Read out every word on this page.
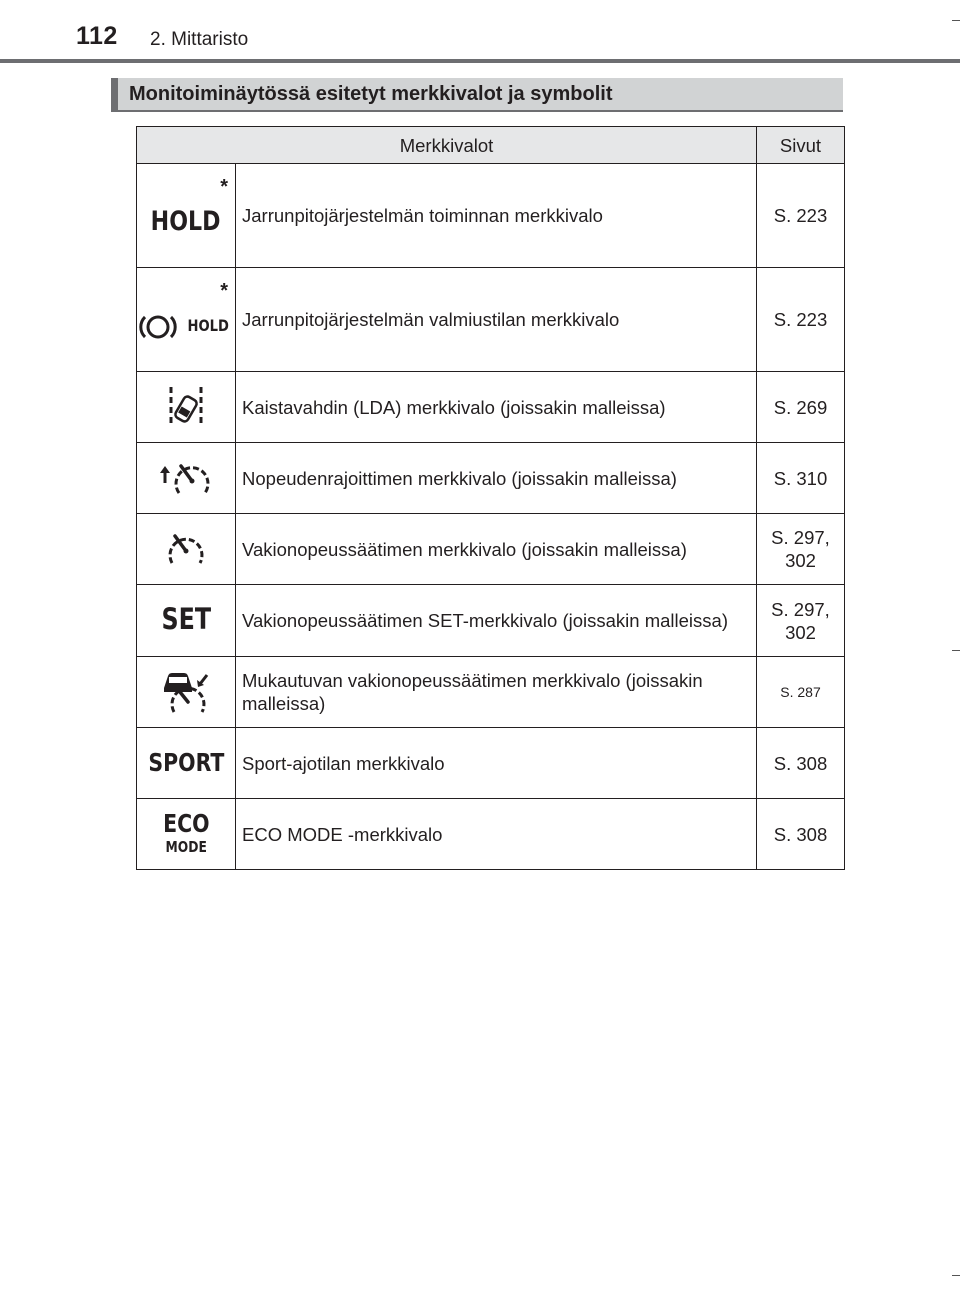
112 2. Mittaristo
Monitoiminäytössä esitetyt merkkivalot ja symbolit
Merkkivalot		Sivut

*
HOLD	Jarrunpitojärjestelmän toiminnan merkkivalo	S. 223

*
HOLD	Jarrunpitojärjestelmän valmiustilan merkkivalo	S. 223
	Kaistavahdin (LDA) merkkivalo (joissakin malleissa)	S. 269
	Nopeudenrajoittimen merkkivalo (joissakin malleissa)	S. 310
	Vakionopeussäätimen merkkivalo (joissakin malleissa)	S. 297,
302
SET	Vakionopeussäätimen SET-merkkivalo (joissakin malleissa)	S. 297,
302
	Mukautuvan vakionopeussäätimen merkkivalo (joissakin malleissa)	S. 287
SPORT	Sport-ajotilan merkkivalo	S. 308

ECO MODE	ECO MODE -merkkivalo	S. 308
